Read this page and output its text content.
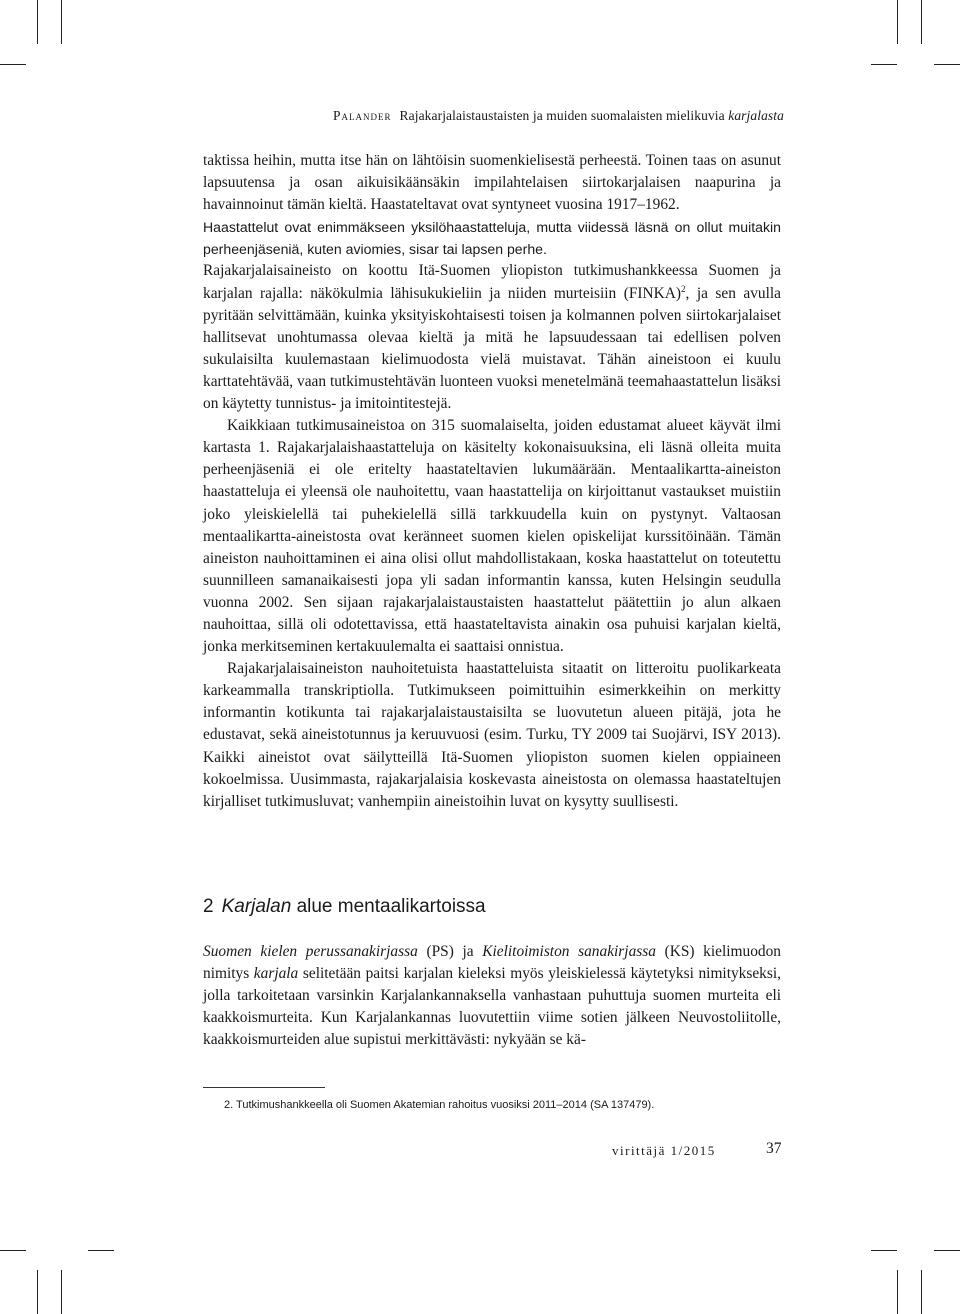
Palander Rajakarjalaistaustaisten ja muiden suomalaisten mielikuvia karjalasta

taktissa heihin, mutta itse hän on lähtöisin suomenkielisestä perheestä. Toinen taas on asunut lapsuutensa ja osan aikuisikäänsäkin impilahtelaisen siirtokarjalaisen naapurina ja havainnoinut tämän kieltä. Haastateltavat ovat syntyneet vuosina 1917–1962.

Haastattelut ovat enimmäkseen yksilöhaastatteluja, mutta viidessä läsnä on ollut muitakin perheenjäseniä, kuten aviomies, sisar tai lapsen perhe.

Rajakarjalaisaineisto on koottu Itä-Suomen yliopiston tutkimushankkeessa Suomen ja karjalan rajalla: näkökulmia lähisukukieliin ja niiden murteisiin (FINKA)$^2$, ja sen avulla pyritään selvittämään, kuinka yksityiskohtaisesti toisen ja kolmannen polven siirtokarjalaiset hallitsevat unohtumassa olevaa kieltä ja mitä he lapsuudessaan tai edellisen polven sukulaisilta kuulemastaan kielimuodosta vielä muistavat. Tähän aineistoon ei kuulu karttatehtävää, vaan tutkimustehtävän luonteen vuoksi menetelmänä teemahaastattelun lisäksi on käytetty tunnistus- ja imitointitestejä.

Kaikkiaan tutkimusaineistoa on 315 suomalaiselta, joiden edustamat alueet käyvät ilmi kartasta 1. Rajakarjalaishaastatteluja on käsitelty kokonaisuuksina, eli läsnä olleita muita perheenjäseniä ei ole eritelty haastateltavien lukumäärään. Mentaalikartta-aineiston haastatteluja ei yleensä ole nauhoitettu, vaan haastattelija on kirjoittanut vastaukset muistiin joko yleiskielellä tai puhekielellä sillä tarkkuudella kuin on pystynyt. Valtaosan mentaalikartta-aineistosta ovat keränneet suomen kielen opiskelijat kurssitöinään. Tämän aineiston nauhoittaminen ei aina olisi ollut mahdollistakaan, koska haastattelut on toteutettu suunnilleen samanaikaisesti jopa yli sadan informantin kanssa, kuten Helsingin seudulla vuonna 2002. Sen sijaan rajakarjalaistaustaisten haastattelut päätettiin jo alun alkaen nauhoittaa, sillä oli odotettavissa, että haastateltavista ainakin osa puhuisi karjalan kieltä, jonka merkitseminen kertakuulemalta ei saattaisi onnistua.

Rajakarjalaisaineiston nauhoitetuista haastatteluista sitaatit on litteroitu puolikarkeata karkeammalla transkriptiolla. Tutkimukseen poimittuihin esimerkkeihin on merkitty informantin kotikunta tai rajakarjalaistaustaisilta se luovutetun alueen pitäjä, jota he edustavat, sekä aineistotunnus ja keruuvuosi (esim. Turku, TY 2009 tai Suojärvi, ISY 2013). Kaikki aineistot ovat säilytteillä Itä-Suomen yliopiston suomen kielen oppiaineen kokoelmissa. Uusimmasta, rajakarjalaisia koskevasta aineistosta on olemassa haastateltujen kirjalliset tutkimusluvat; vanhempiin aineistoihin luvat on kysytty suullisesti.

2 Karjalan alue mentaalikartoissa

Suomen kielen perussanakirjassa (PS) ja Kielitoimiston sanakirjassa (KS) kielimuodon nimitys karjala selitetään paitsi karjalan kieleksi myös yleiskielessä käytetyksi nimitykseksi, jolla tarkoitetaan varsinkin Karjalankannaksella vanhastaan puhuttuja suomen murteita eli kaakkoismurteita. Kun Karjalankannas luovutettiin viime sotien jälkeen Neuvostoliitolle, kaakkoismurteiden alue supistui merkittävästi: nykyään se kä-

2. Tutkimushankkeella oli Suomen Akatemian rahoitus vuosiksi 2011–2014 (SA 137479).
virittäjä 1/2015	37
